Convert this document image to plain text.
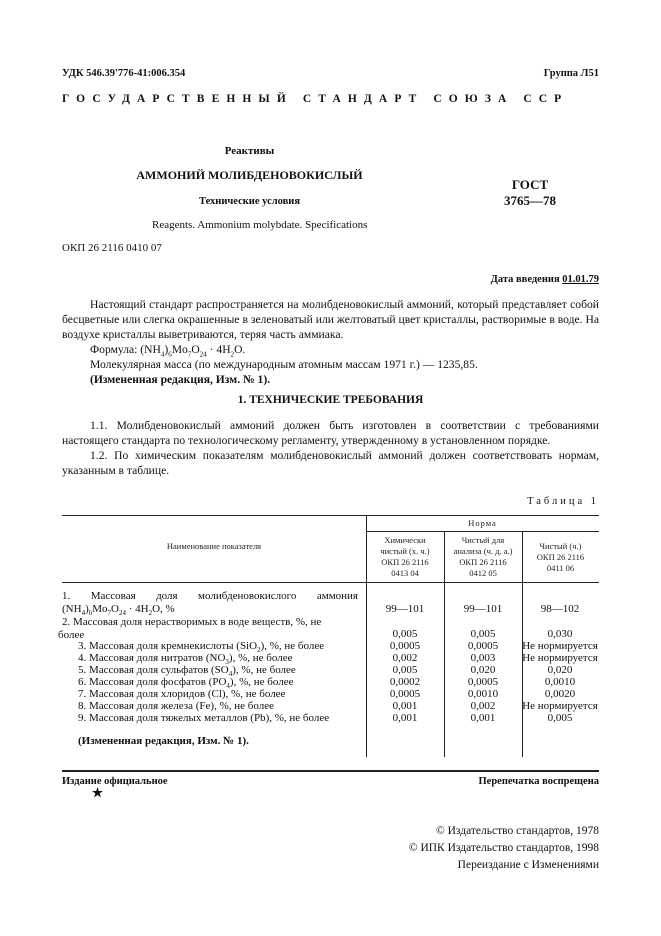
УДК 546.39'776-41:006.354	Группа Л51
ГОСУДАРСТВЕННЫЙ СТАНДАРТ СОЮЗА ССР
Реактивы
АММОНИЙ МОЛИБДЕНОВОКИСЛЫЙ
Технические условия
ГОСТ
3765—78
Reagents. Ammonium molybdate. Specifications
ОКП 26 2116 0410 07
Дата введения 01.01.79
Настоящий стандарт распространяется на молибденовокислый аммоний, который представляет собой бесцветные или слегка окрашенные в зеленоватый или желтоватый цвет кристаллы, растворимые в воде. На воздухе кристаллы выветриваются, теряя часть аммиака.
Формула: $(NH_4)_6Mo_7O_{24} \cdot 4H_2O$.
Молекулярная масса (по международным атомным массам 1971 г.) — 1235,85.
(Измененная редакция, Изм. № 1).
1. ТЕХНИЧЕСКИЕ ТРЕБОВАНИЯ
1.1. Молибденовокислый аммоний должен быть изготовлен в соответствии с требованиями настоящего стандарта по технологическому регламенту, утвержденному в установленном порядке.
1.2. По химическим показателям молибденовокислый аммоний должен соответствовать нормам, указанным в таблице.
Таблица 1
Наименование показателя
Норма
Химически
чистый (х. ч.)
ОКП 26 2116
0413 04
Чистый для
анализа (ч. д. а.)
ОКП 26 2116
0412 05
Чистый (ч.)
ОКП 26 2116
0411 06
1. Массовая доля молибденовокислого аммония
$(NH_4)_6Mo_7O_{24} \cdot 4H_2O$, %	99—101	99—101	98—102
2. Массовая доля нерастворимых в воде веществ, %, не
более	0,005	0,005	0,030
3. Массовая доля кремнекислоты (SiO$_2$), %, не более	0,0005	0,0005	Не нормируется
4. Массовая доля нитратов $(NO_3)$, %, не более	0,002	0,003	Не нормируется
5. Массовая доля сульфатов $(SO_4)$, %, не более	0,005	0,020	0,020
6. Массовая доля фосфатов $(PO_4)$, %, не более	0,0002	0,0005	0,0010
7. Массовая доля хлоридов (Cl), %, не более	0,0005	0,0010	0,0020
8. Массовая доля железа (Fe), %, не более	0,001	0,002	Не нормируется
9. Массовая доля тяжелых металлов (Pb), %, не более	0,001	0,001	0,005
(Измененная редакция, Изм. № 1).
Издание официальное	Перепечатка воспрещена
© Издательство стандартов, 1978
© ИПК Издательство стандартов, 1998
Переиздание с Изменениями
